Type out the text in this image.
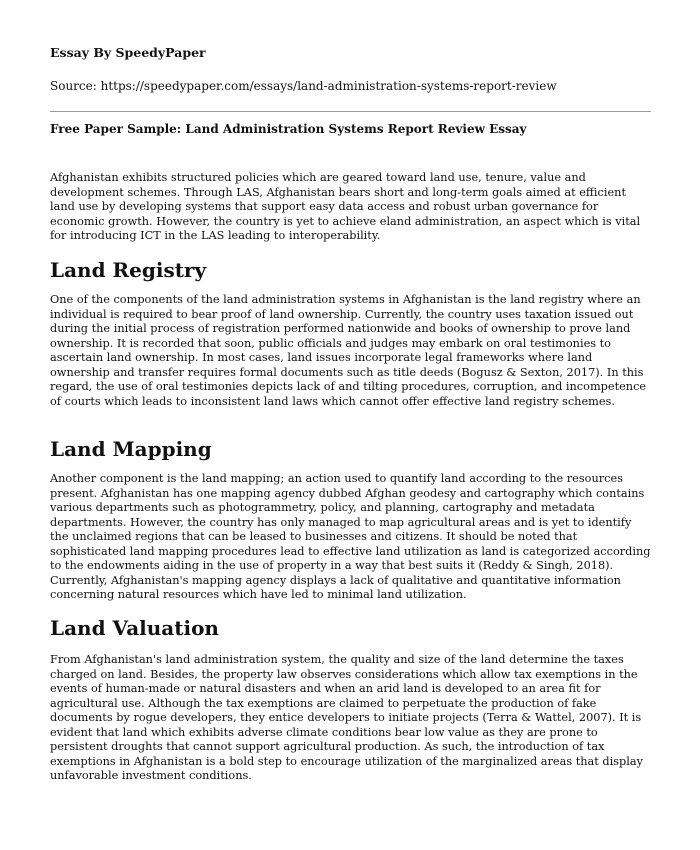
Essay By SpeedyPaper

Source: https://speedypaper.com/essays/land-administration-systems-report-review

Free Paper Sample: Land Administration Systems Report Review Essay

Afghanistan exhibits structured policies which are geared toward land use, tenure, value and development schemes. Through LAS, Afghanistan bears short and long-term goals aimed at efficient land use by developing systems that support easy data access and robust urban governance for economic growth. However, the country is yet to achieve eland administration, an aspect which is vital for introducing ICT in the LAS leading to interoperability.

Land Registry

One of the components of the land administration systems in Afghanistan is the land registry where an individual is required to bear proof of land ownership. Currently, the country uses taxation issued out during the initial process of registration performed nationwide and books of ownership to prove land ownership. It is recorded that soon, public officials and judges may embark on oral testimonies to ascertain land ownership. In most cases, land issues incorporate legal frameworks where land ownership and transfer requires formal documents such as title deeds (Bogusz & Sexton, 2017). In this regard, the use of oral testimonies depicts lack of and tilting procedures, corruption, and incompetence of courts which leads to inconsistent land laws which cannot offer effective land registry schemes.

Land Mapping

Another component is the land mapping; an action used to quantify land according to the resources present. Afghanistan has one mapping agency dubbed Afghan geodesy and cartography which contains various departments such as photogrammetry, policy, and planning, cartography and metadata departments. However, the country has only managed to map agricultural areas and is yet to identify the unclaimed regions that can be leased to businesses and citizens. It should be noted that sophisticated land mapping procedures lead to effective land utilization as land is categorized according to the endowments aiding in the use of property in a way that best suits it (Reddy & Singh, 2018). Currently, Afghanistan's mapping agency displays a lack of qualitative and quantitative information concerning natural resources which have led to minimal land utilization.

Land Valuation

From Afghanistan's land administration system, the quality and size of the land determine the taxes charged on land. Besides, the property law observes considerations which allow tax exemptions in the events of human-made or natural disasters and when an arid land is developed to an area fit for agricultural use. Although the tax exemptions are claimed to perpetuate the production of fake documents by rogue developers, they entice developers to initiate projects (Terra & Wattel, 2007). It is evident that land which exhibits adverse climate conditions bear low value as they are prone to persistent droughts that cannot support agricultural production. As such, the introduction of tax exemptions in Afghanistan is a bold step to encourage utilization of the marginalized areas that display unfavorable investment conditions.
